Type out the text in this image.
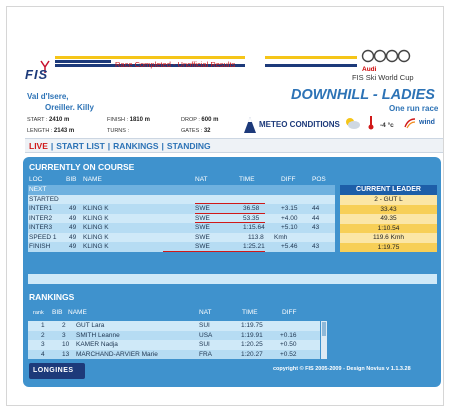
FIS
Race Completed - Unofficial Results
Audi
FIS Ski World Cup
Val d'Isere,
Oreiller. Killy
DOWNHILL - LADIES
One run race
START : 2410 m
LENGTH : 2143 m
FINISH : 1810 m
TURNS :
DROP : 600 m
GATES : 32
METEO CONDITIONS	-4 °c	wind
LIVE | START LIST | RANKINGS | STANDING
CURRENTLY ON COURSE
LOC	BIB NAME	NAT	TIME	DIFF	POS
NEXT
STARTED
INTER1	49 KLING K	SWE	36.58	+3.15 44
INTER2	49 KLING K	SWE	53.35	+4.00 44
INTER3	49 KLING K	SWE	1:15.64	+5.10 43
SPEED 1 49 KLING K	SWE	113.8 Kmh
FINISH	49 KLING K	SWE	1:25.21	+5.46 43
CURRENT LEADER
2 - GUT L
33.43
49.35
1:10.54
119.6 Kmh
1:19.75
RANKINGS
rank BIB NAME	NAT	TIME	DIFF
1	2 GUT Lara	SUI	1:19.75
2	3 SMITH Leanne	USA	1:19.91	+0.16
3	10 KAMER Nadja	SUI	1:20.25	+0.50
4	13 MARCHAND-ARVIER Marie	FRA	1:20.27	+0.52
LONGINES	copyright © FIS 2005-2009 - Design Novius v 1.1.3.28
